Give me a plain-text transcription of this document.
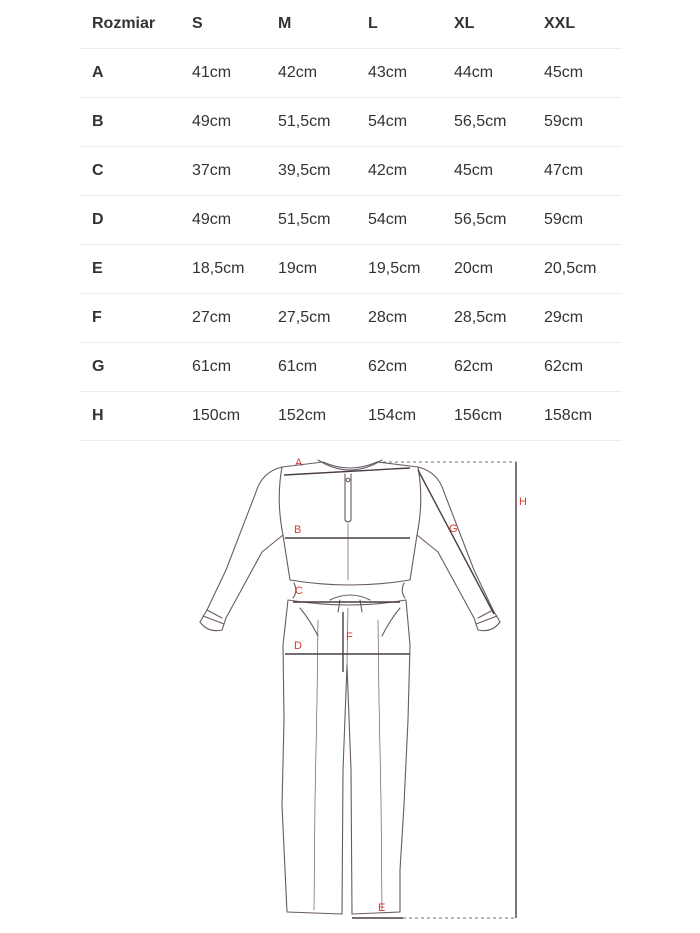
Rozmiar	S	M	L	XL	XXL
A	41cm	42cm	43cm	44cm	45cm
B	49cm	51,5cm	54cm	56,5cm	59cm
C	37cm	39,5cm	42cm	45cm	47cm
D	49cm	51,5cm	54cm	56,5cm	59cm
E	18,5cm	19cm	19,5cm	20cm	20,5cm
F	27cm	27,5cm	28cm	28,5cm	29cm
G	61cm	61cm	62cm	62cm	62cm
H	150cm	152cm	154cm	156cm	158cm
A
B
C
D
E
F
G
H
